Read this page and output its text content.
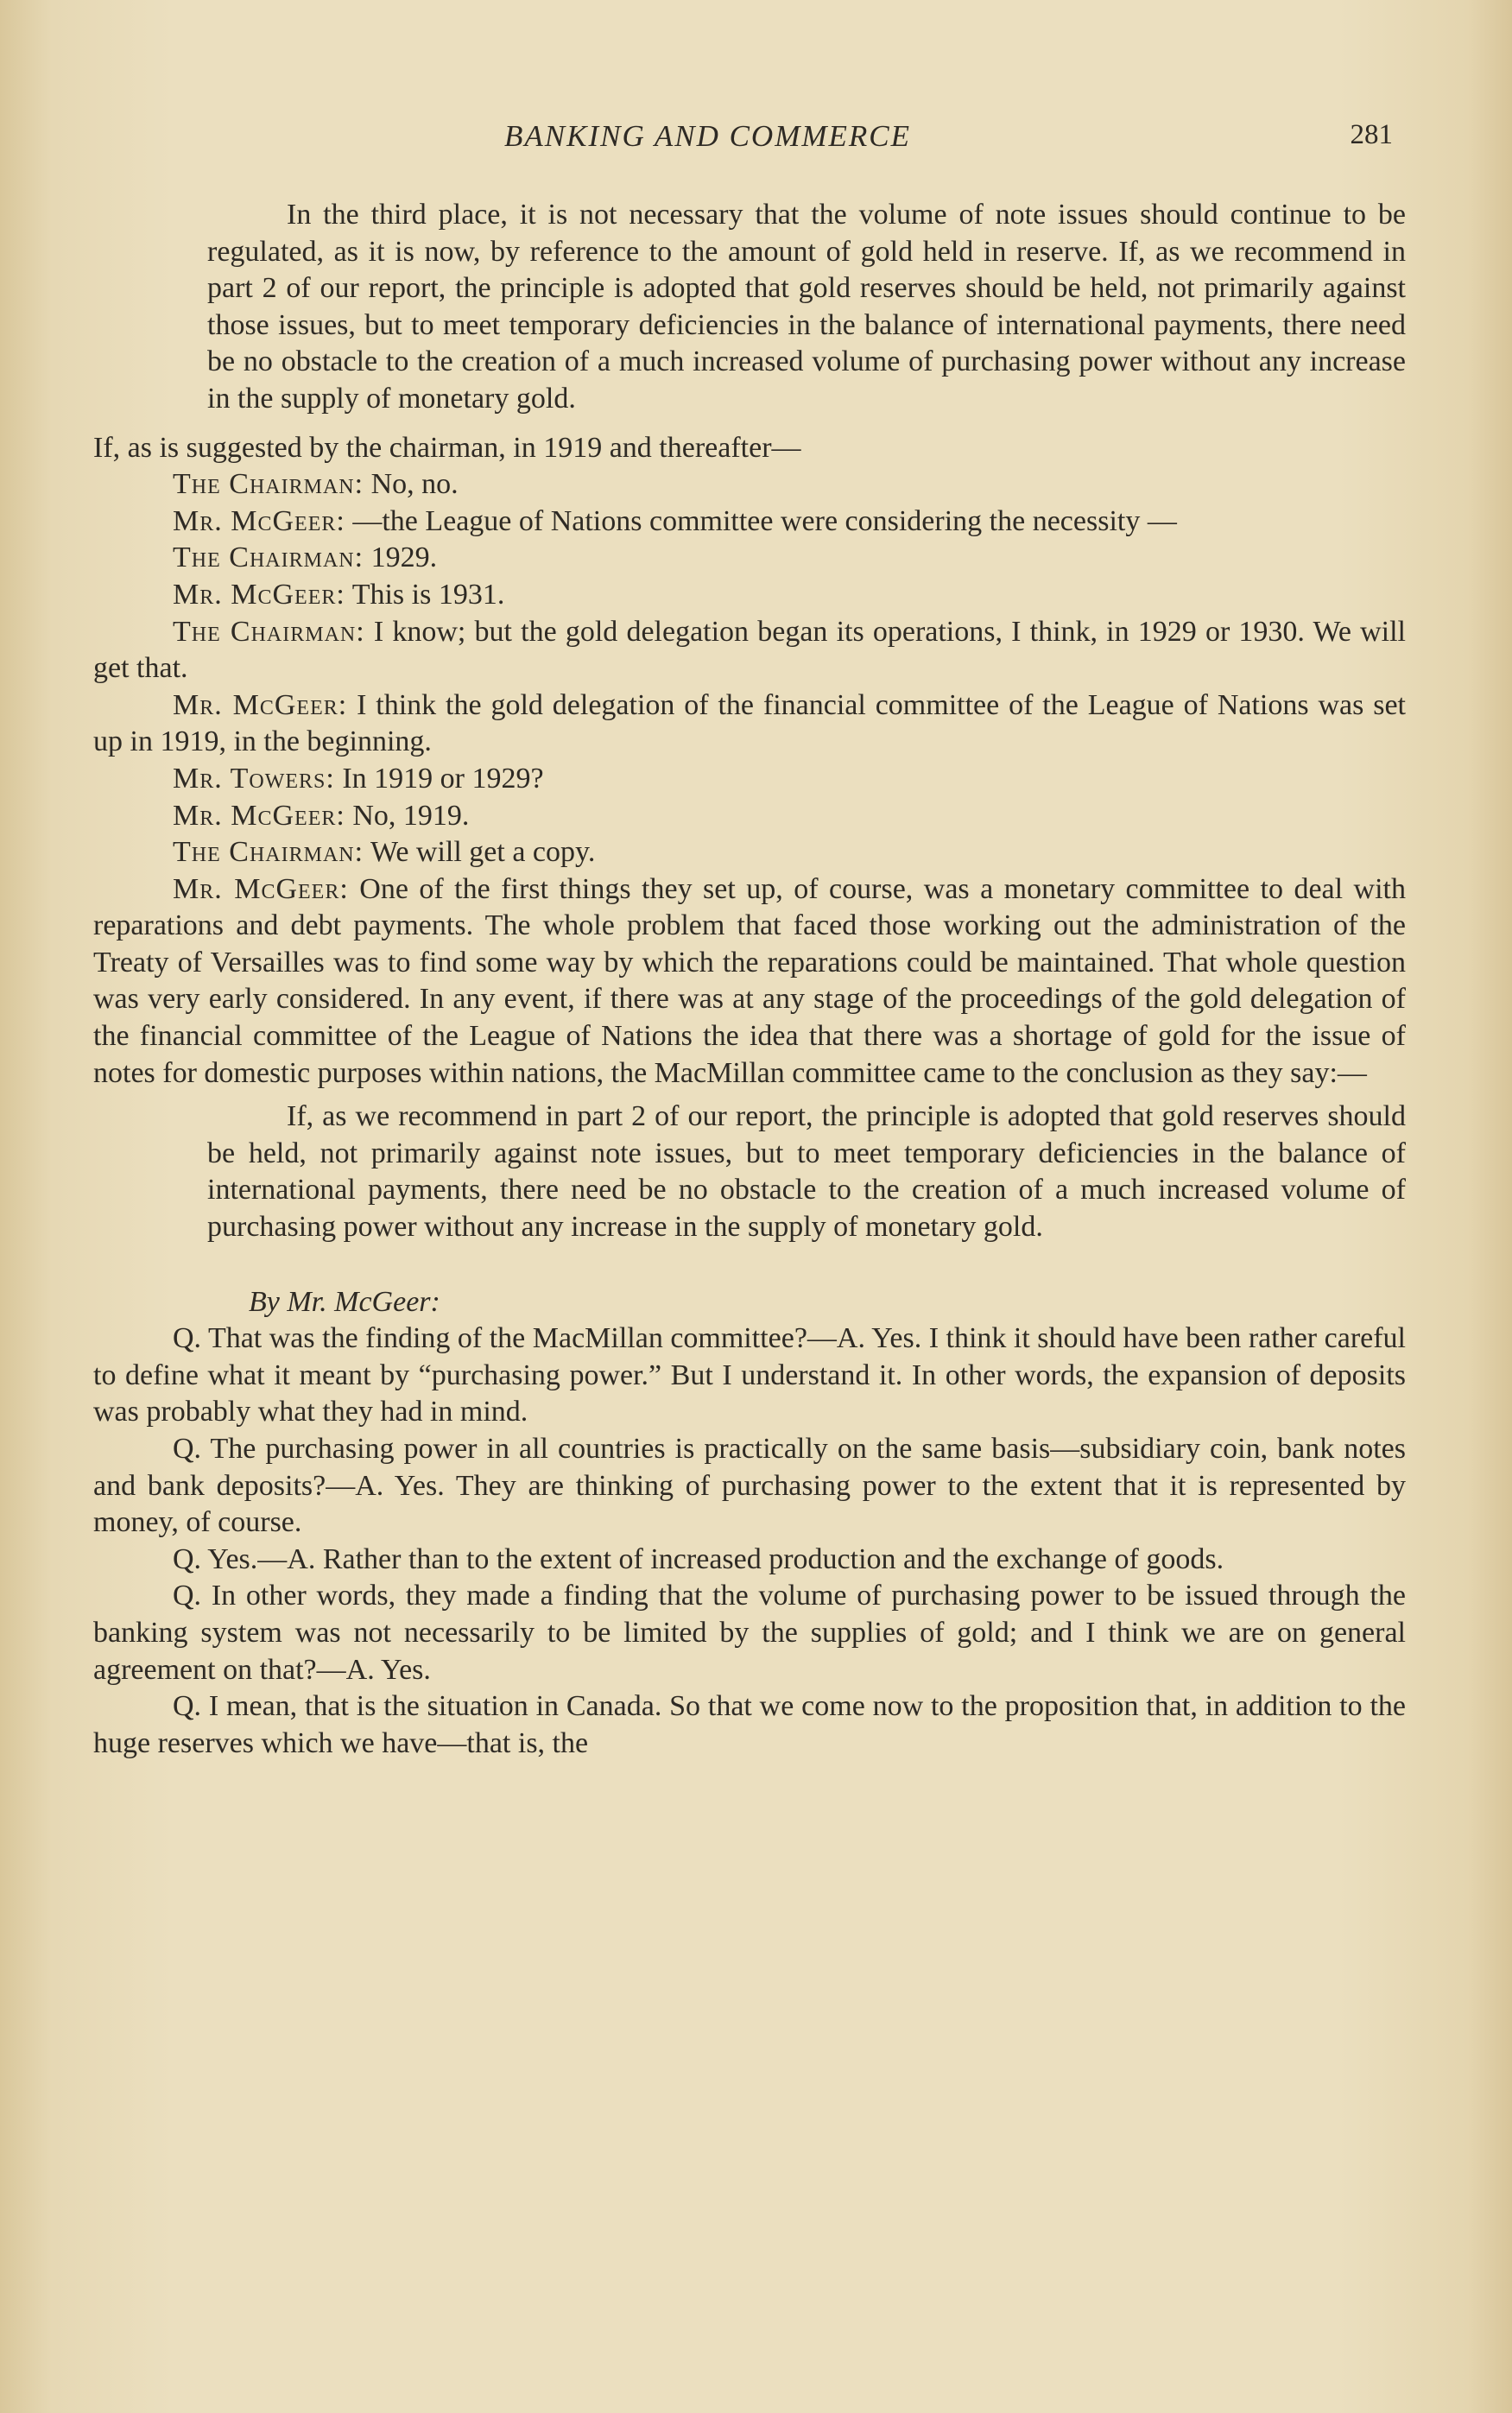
BANKING AND COMMERCE	281

In the third place, it is not necessary that the volume of note issues should continue to be regulated, as it is now, by reference to the amount of gold held in reserve. If, as we recommend in part 2 of our report, the principle is adopted that gold reserves should be held, not primarily against those issues, but to meet temporary deficiencies in the balance of international payments, there need be no obstacle to the creation of a much increased volume of purchasing power without any increase in the supply of monetary gold.

If, as is suggested by the chairman, in 1919 and thereafter—

The Chairman: No, no.

Mr. McGeer: —the League of Nations committee were considering the necessity —

The Chairman: 1929.

Mr. McGeer: This is 1931.

The Chairman: I know; but the gold delegation began its operations, I think, in 1929 or 1930. We will get that.

Mr. McGeer: I think the gold delegation of the financial committee of the League of Nations was set up in 1919, in the beginning.

Mr. Towers: In 1919 or 1929?

Mr. McGeer: No, 1919.

The Chairman: We will get a copy.

Mr. McGeer: One of the first things they set up, of course, was a monetary committee to deal with reparations and debt payments. The whole problem that faced those working out the administration of the Treaty of Versailles was to find some way by which the reparations could be maintained. That whole question was very early considered. In any event, if there was at any stage of the proceedings of the gold delegation of the financial committee of the League of Nations the idea that there was a shortage of gold for the issue of notes for domestic purposes within nations, the MacMillan committee came to the conclusion as they say:—

If, as we recommend in part 2 of our report, the principle is adopted that gold reserves should be held, not primarily against note issues, but to meet temporary deficiencies in the balance of international payments, there need be no obstacle to the creation of a much increased volume of purchasing power without any increase in the supply of monetary gold.

By Mr. McGeer:

Q. That was the finding of the MacMillan committee?—A. Yes. I think it should have been rather careful to define what it meant by “purchasing power.” But I understand it. In other words, the expansion of deposits was probably what they had in mind.

Q. The purchasing power in all countries is practically on the same basis—subsidiary coin, bank notes and bank deposits?—A. Yes. They are thinking of purchasing power to the extent that it is represented by money, of course.

Q. Yes.—A. Rather than to the extent of increased production and the exchange of goods.

Q. In other words, they made a finding that the volume of purchasing power to be issued through the banking system was not necessarily to be limited by the supplies of gold; and I think we are on general agreement on that?—A. Yes.

Q. I mean, that is the situation in Canada. So that we come now to the proposition that, in addition to the huge reserves which we have—that is, the
